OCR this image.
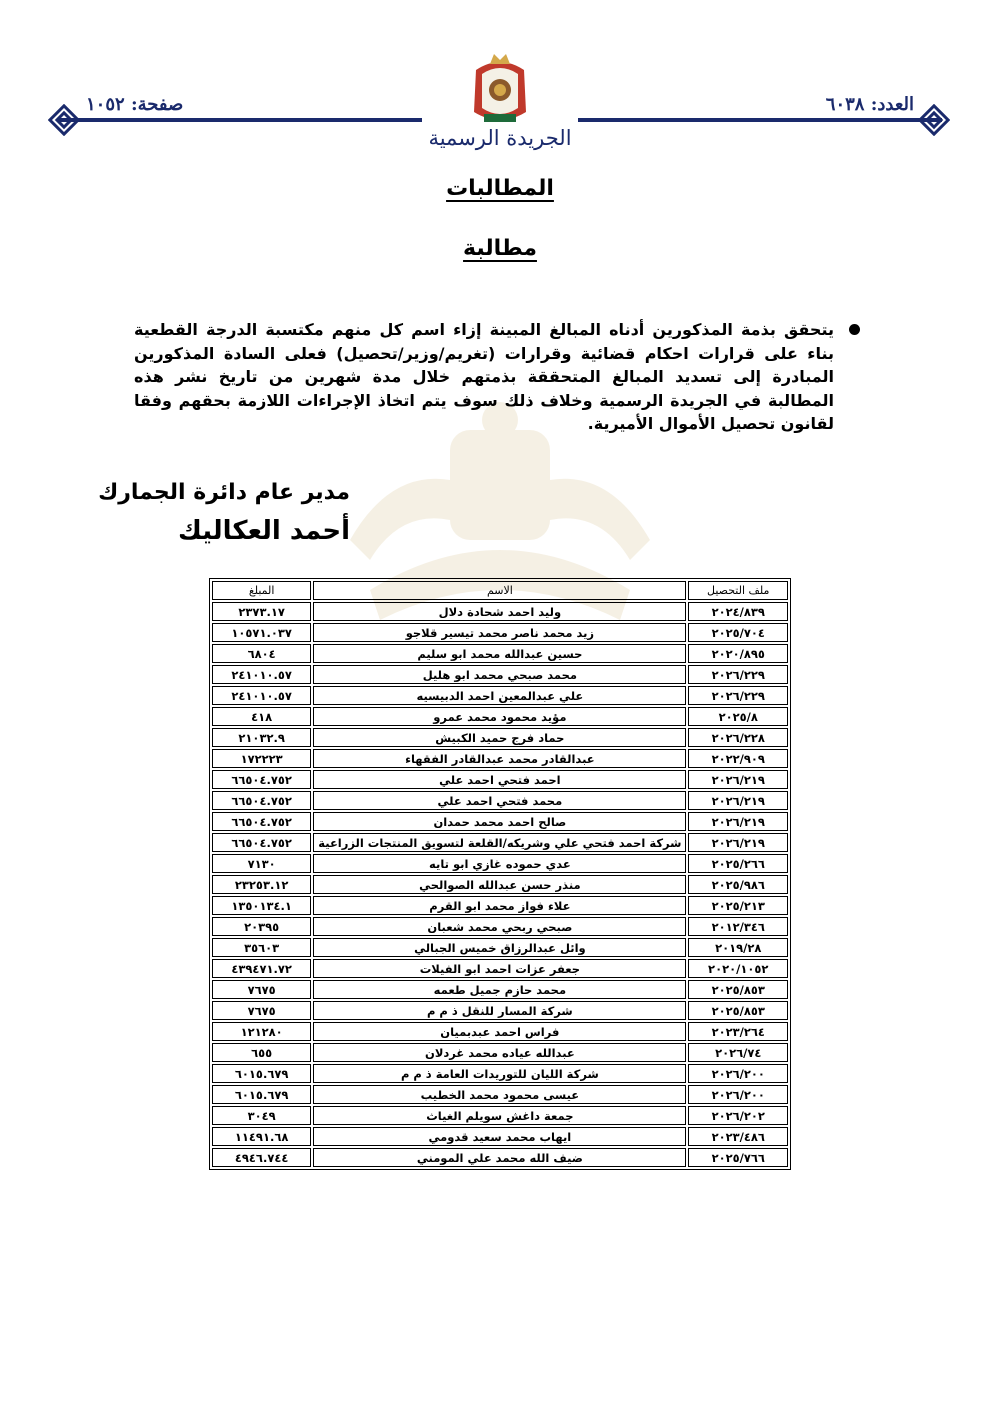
العدد: ٦٠٣٨
صفحة: ١٠٥٢
الجريدة الرسمية
المطالبات
مطالبة
يتحقق بذمة المذكورين أدناه المبالغ المبينة إزاء اسم كل منهم مكتسبة الدرجة القطعية بناء على قرارات احكام قضائية وقرارات (تغريم/وزير/تحصيل) فعلى السادة المذكورين المبادرة إلى تسديد المبالغ المتحققة بذمتهم خلال مدة شهرين من تاريخ نشر هذه المطالبة في الجريدة الرسمية وخلاف ذلك سوف يتم اتخاذ الإجراءات اللازمة بحقهم وفقا لقانون تحصيل الأموال الأميرية.
مدير عام دائرة الجمارك
أحمد العكاليك
ملف التحصيل	الاسم	المبلغ
٢٠٢٤/٨٣٩	وليد احمد شحادة دلال	٢٣٧٣.١٧
٢٠٢٥/٧٠٤	زيد محمد ناصر محمد تيسير قلاجو	١٠٥٧١.٠٣٧
٢٠٢٠/٨٩٥	حسين عبدالله محمد ابو سليم	٦٨٠٤
٢٠٢٦/٢٢٩	محمد صبحي محمد ابو هليل	٢٤١٠١٠.٥٧
٢٠٢٦/٢٢٩	علي عبدالمعين احمد الدبيسيه	٢٤١٠١٠.٥٧
٢٠٢٥/٨	مؤيد محمود محمد عمرو	٤١٨
٢٠٢٦/٢٢٨	حماد فرج حميد الكبيش	٢١٠٣٢.٩
٢٠٢٢/٩٠٩	عبدالقادر محمد عبدالقادر الفقهاء	١٧٢٢٢٣
٢٠٢٦/٢١٩	احمد فتحي احمد علي	٦٦٥٠٤.٧٥٢
٢٠٢٦/٢١٩	محمد فتحي احمد علي	٦٦٥٠٤.٧٥٢
٢٠٢٦/٢١٩	صالح احمد محمد حمدان	٦٦٥٠٤.٧٥٢
٢٠٢٦/٢١٩	شركة احمد فتحي علي وشريكه/القلعة لتسويق المنتجات الزراعية	٦٦٥٠٤.٧٥٢
٢٠٢٥/٢٦٦	عدي حموده غازي ابو تايه	٧١٣٠
٢٠٢٥/٩٨٦	منذر حسن عبدالله الصوالحي	٢٣٢٥٣.١٢
٢٠٢٥/٢١٣	علاء فواز محمد ابو القرم	١٣٥٠١٣٤.١
٢٠١٢/٣٤٦	صبحي ربحي محمد شعبان	٢٠٣٩٥
٢٠١٩/٢٨	وائل عبدالرزاق خميس الجبالي	٣٥٦٠٣
٢٠٢٠/١٠٥٢	جعفر عزات احمد ابو الفيلات	٤٣٩٤٧١.٧٢
٢٠٢٥/٨٥٣	محمد حازم جميل طعمه	٧٦٧٥
٢٠٢٥/٨٥٣	شركة المسار للنقل ذ م م	٧٦٧٥
٢٠٢٣/٢٦٤	فراس احمد عبدبميان	١٢١٢٨٠
٢٠٢٦/٧٤	عبدالله عياده محمد غردلان	٦٥٥
٢٠٢٦/٢٠٠	شركة الليان للتوريدات العامة ذ م م	٦٠١٥.٦٧٩
٢٠٢٦/٢٠٠	عيسى محمود محمد الخطيب	٦٠١٥.٦٧٩
٢٠٢٦/٢٠٢	جمعة داغش سويلم الغياث	٣٠٤٩
٢٠٢٣/٤٨٦	ايهاب محمد سعيد قدومي	١١٤٩١.٦٨
٢٠٢٥/٧٦٦	ضيف الله محمد علي المومني	٤٩٤٦.٧٤٤
